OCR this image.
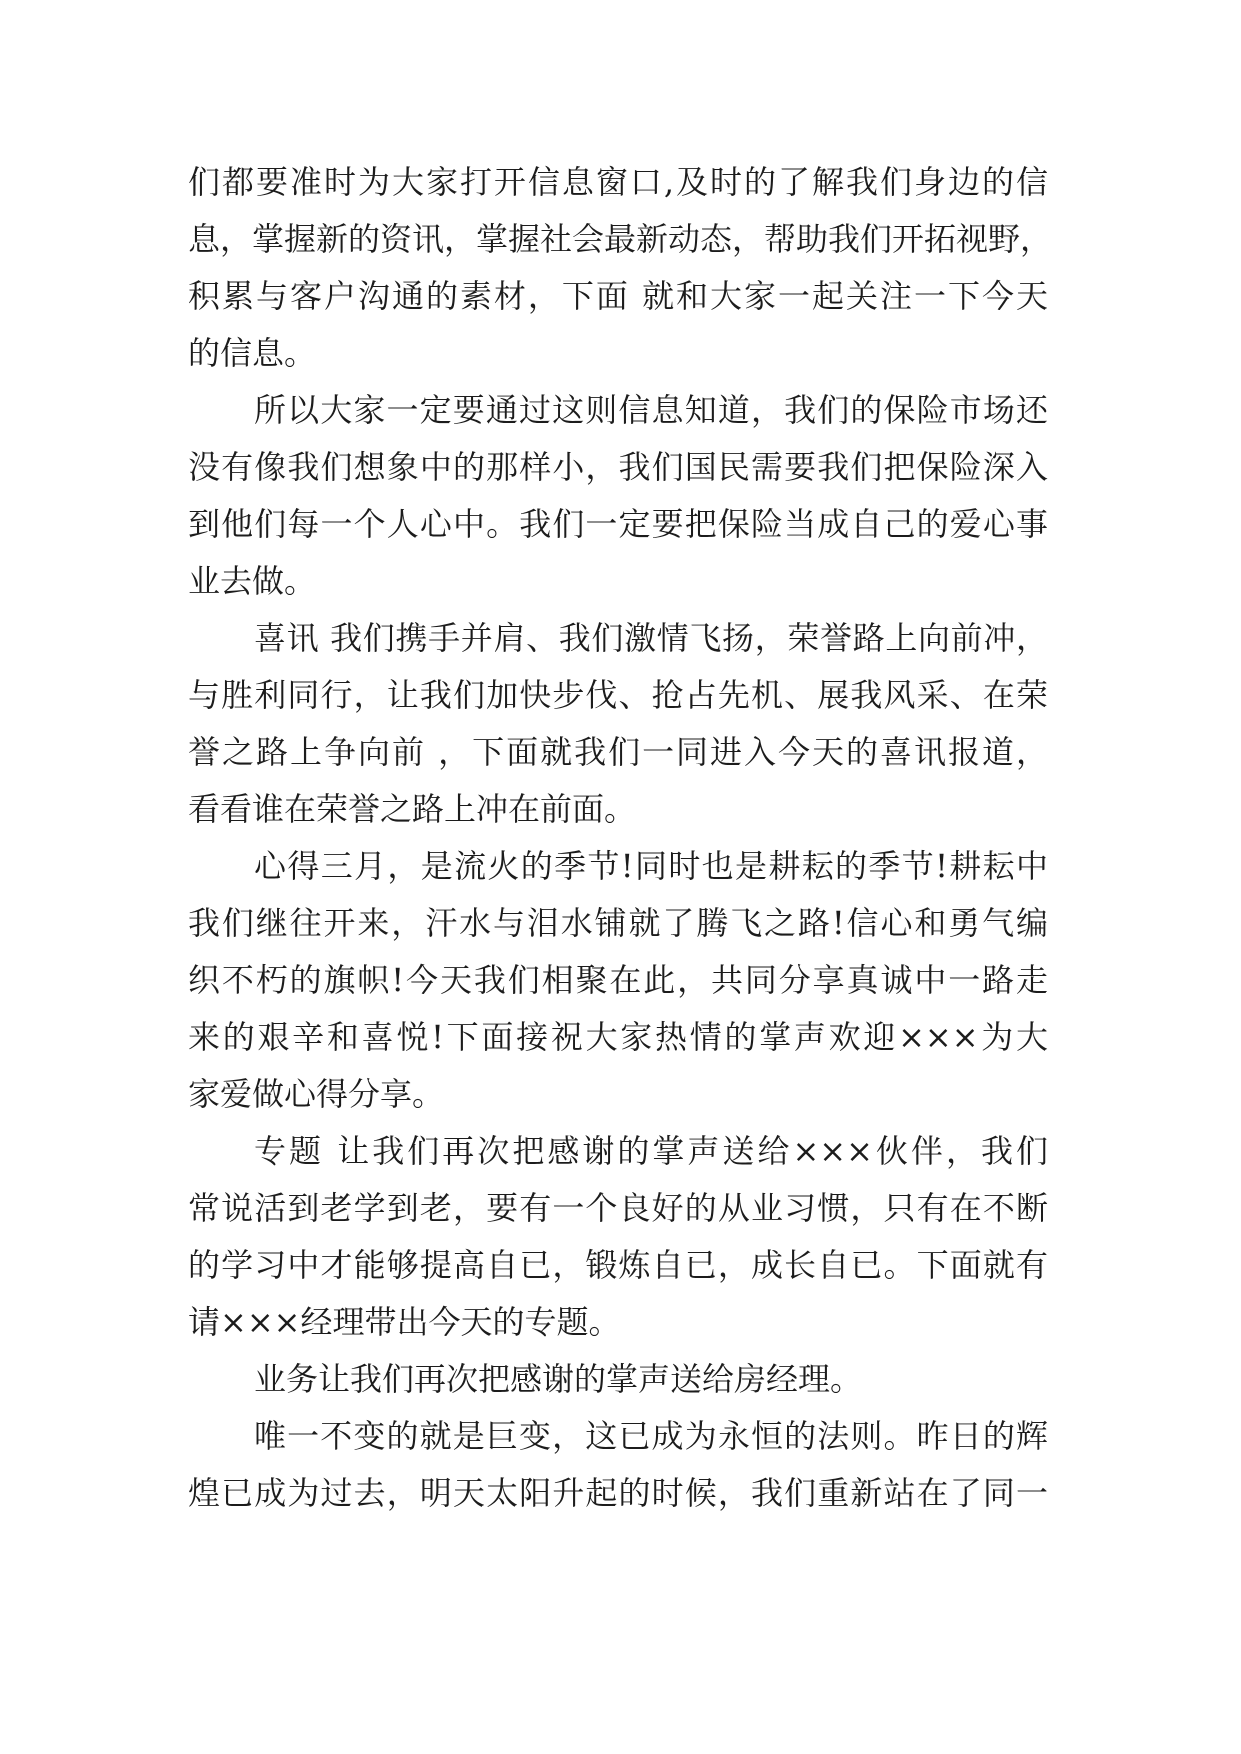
们都要准时为大家打开信息窗口,及时的了解我们身边的信
息，掌握新的资讯，掌握社会最新动态，帮助我们开拓视野，
积累与客户沟通的素材，下面 就和大家一起关注一下今天
的信息。
所以大家一定要通过这则信息知道，我们的保险市场还
没有像我们想象中的那样小，我们国民需要我们把保险深入
到他们每一个人心中。我们一定要把保险当成自己的爱心事
业去做。
喜讯 我们携手并肩、我们激情飞扬，荣誉路上向前冲，
与胜利同行，让我们加快步伐、抢占先机、展我风采、在荣
誉之路上争向前 ，下面就我们一同进入今天的喜讯报道，
看看谁在荣誉之路上冲在前面。
心得三月，是流火的季节!同时也是耕耘的季节!耕耘中
我们继往开来，汗水与泪水铺就了腾飞之路!信心和勇气编
织不朽的旗帜!今天我们相聚在此，共同分享真诚中一路走
来的艰辛和喜悦!下面接祝大家热情的掌声欢迎×××为大
家爱做心得分享。
专题 让我们再次把感谢的掌声送给×××伙伴，我们
常说活到老学到老，要有一个良好的从业习惯，只有在不断
的学习中才能够提高自已，锻炼自已，成长自已。下面就有
请×××经理带出今天的专题。
业务让我们再次把感谢的掌声送给房经理。
唯一不变的就是巨变，这已成为永恒的法则。昨日的辉
煌已成为过去，明天太阳升起的时候，我们重新站在了同一
